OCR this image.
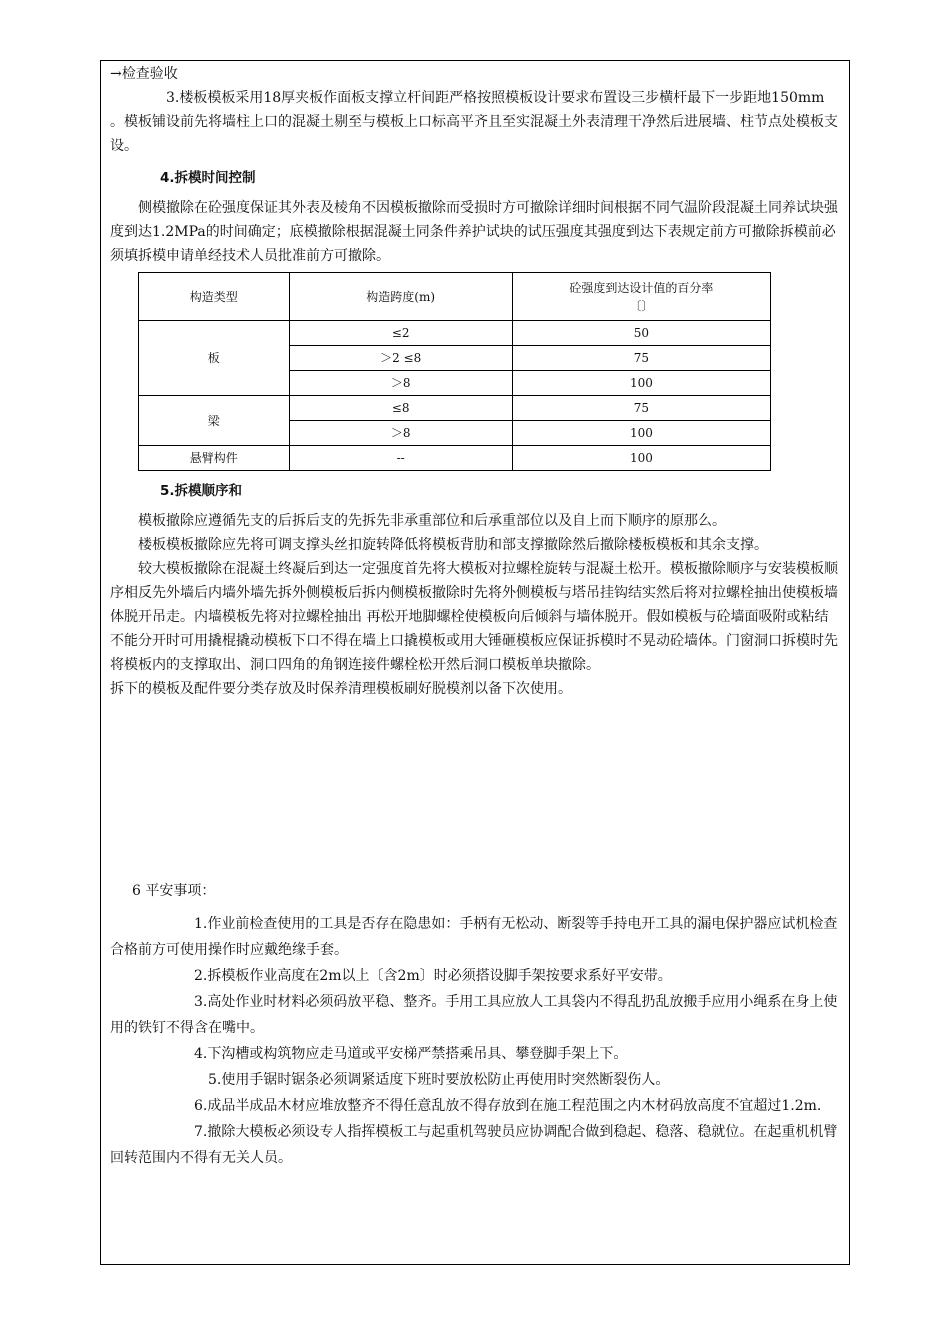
→检查验收

3.楼板模板采用18厚夹板作面板支撑立杆间距严格按照模板设计要求布置设三步横杆最下一步距地150mm 。模板铺设前先将墙柱上口的混凝土剔至与模板上口标高平齐且至实混凝土外表清理干净然后进展墙、柱节点处模板支设。

4.拆模时间控制

侧模撤除在砼强度保证其外表及棱角不因模板撤除而受损时方可撤除详细时间根据不同气温阶段混凝土同养试块强度到达1.2MPa的时间确定；底模撤除根据混凝土同条件养护试块的试压强度其强度到达下表规定前方可撤除拆模前必须填拆模申请单经技术人员批准前方可撤除。

构造类型	构造跨度(m)	砼强度到达设计值的百分率
〔〕

板	≤2	50
	＞2 ≤8	75
	＞8	100
梁	≤8	75
	＞8	100
悬臂构件	--	100

5.拆模顺序和

模板撤除应遵循先支的后拆后支的先拆先非承重部位和后承重部位以及自上而下顺序的原那么。

楼板模板撤除应先将可调支撑头丝扣旋转降低将模板背肋和部支撑撤除然后撤除楼板模板和其余支撑。

较大模板撤除在混凝土终凝后到达一定强度首先将大模板对拉螺栓旋转与混凝土松开。模板撤除顺序与安装模板顺序相反先外墙后内墙外墙先拆外侧模板后拆内侧模板撤除时先将外侧模板与塔吊挂钩结实然后将对拉螺栓抽出使模板墙体脱开吊走。内墙模板先将对拉螺栓抽出 再松开地脚螺栓使模板向后倾斜与墙体脱开。假如模板与砼墙面吸附或粘结不能分开时可用撬棍撬动模板下口不得在墙上口撬模板或用大锤砸模板应保证拆模时不晃动砼墙体。门窗洞口拆模时先将模板内的支撑取出、洞口四角的角钢连接件螺栓松开然后洞口模板单块撤除。

拆下的模板及配件要分类存放及时保养清理模板刷好脱模剂以备下次使用。

6 平安事项：

1.作业前检查使用的工具是否存在隐患如：手柄有无松动、断裂等手持电开工具的漏电保护器应试机检查合格前方可使用操作时应戴绝缘手套。

2.拆模板作业高度在2m以上〔含2m〕时必须搭设脚手架按要求系好平安带。

3.高处作业时材料必须码放平稳、整齐。手用工具应放人工具袋内不得乱扔乱放搬手应用小绳系在身上使用的铁钉不得含在嘴中。

4.下沟槽或构筑物应走马道或平安梯严禁搭乘吊具、攀登脚手架上下。

5.使用手锯时锯条必须调紧适度下班时要放松防止再使用时突然断裂伤人。

6.成品半成品木材应堆放整齐不得任意乱放不得存放到在施工程范围之内木材码放高度不宜超过1.2m.

7.撤除大模板必须设专人指挥模板工与起重机驾驶员应协调配合做到稳起、稳落、稳就位。在起重机机臂回转范围内不得有无关人员。
